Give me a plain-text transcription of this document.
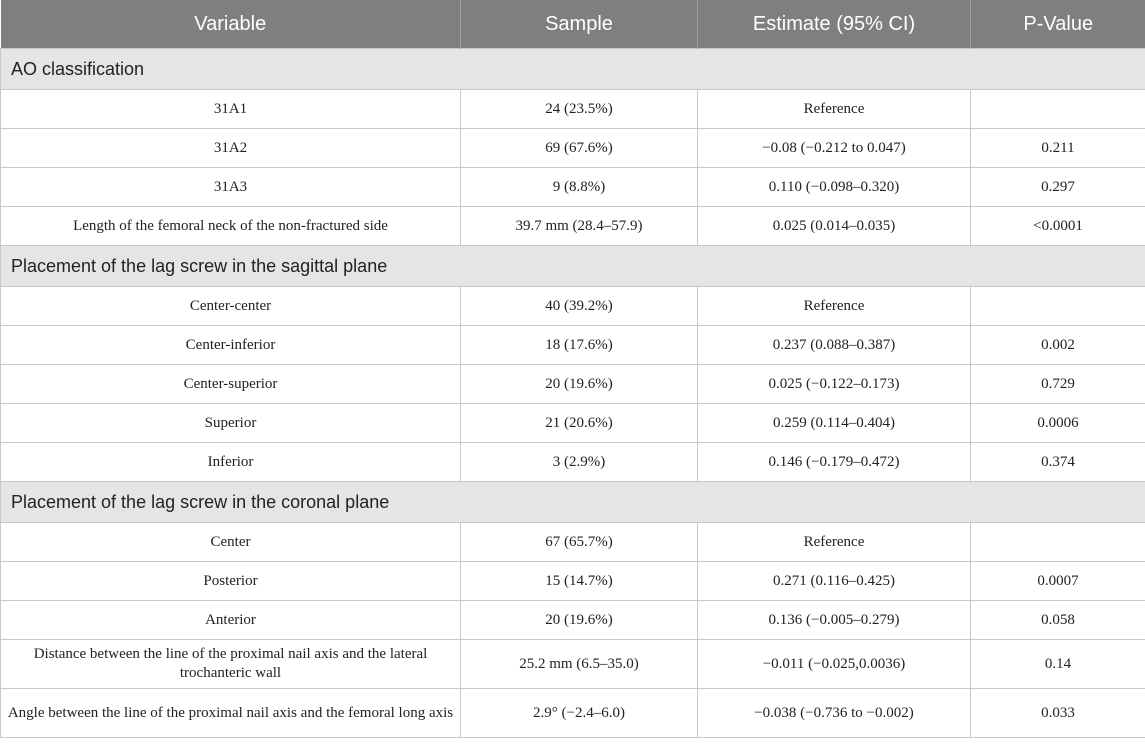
Variable	Sample	Estimate (95% CI)	P-Value
AO classification			
31A1	24 (23.5%)	Reference	
31A2	69 (67.6%)	−0.08 (−0.212 to 0.047)	0.211
31A3	9 (8.8%)	0.110 (−0.098–0.320)	0.297
Length of the femoral neck of the non-fractured side	39.7 mm (28.4–57.9)	0.025 (0.014–0.035)	<0.0001
Placement of the lag screw in the sagittal plane			
Center-center	40 (39.2%)	Reference	
Center-inferior	18 (17.6%)	0.237 (0.088–0.387)	0.002
Center-superior	20 (19.6%)	0.025 (−0.122–0.173)	0.729
Superior	21 (20.6%)	0.259 (0.114–0.404)	0.0006
Inferior	3 (2.9%)	0.146 (−0.179–0.472)	0.374
Placement of the lag screw in the coronal plane			
Center	67 (65.7%)	Reference	
Posterior	15 (14.7%)	0.271 (0.116–0.425)	0.0007
Anterior	20 (19.6%)	0.136 (−0.005–0.279)	0.058
Distance between the line of the proximal nail axis and the lateral trochanteric wall	25.2 mm (6.5–35.0)	−0.011 (−0.025,0.0036)	0.14
Angle between the line of the proximal nail axis and the femoral long axis	2.9° (−2.4–6.0)	−0.038 (−0.736 to −0.002)	0.033
